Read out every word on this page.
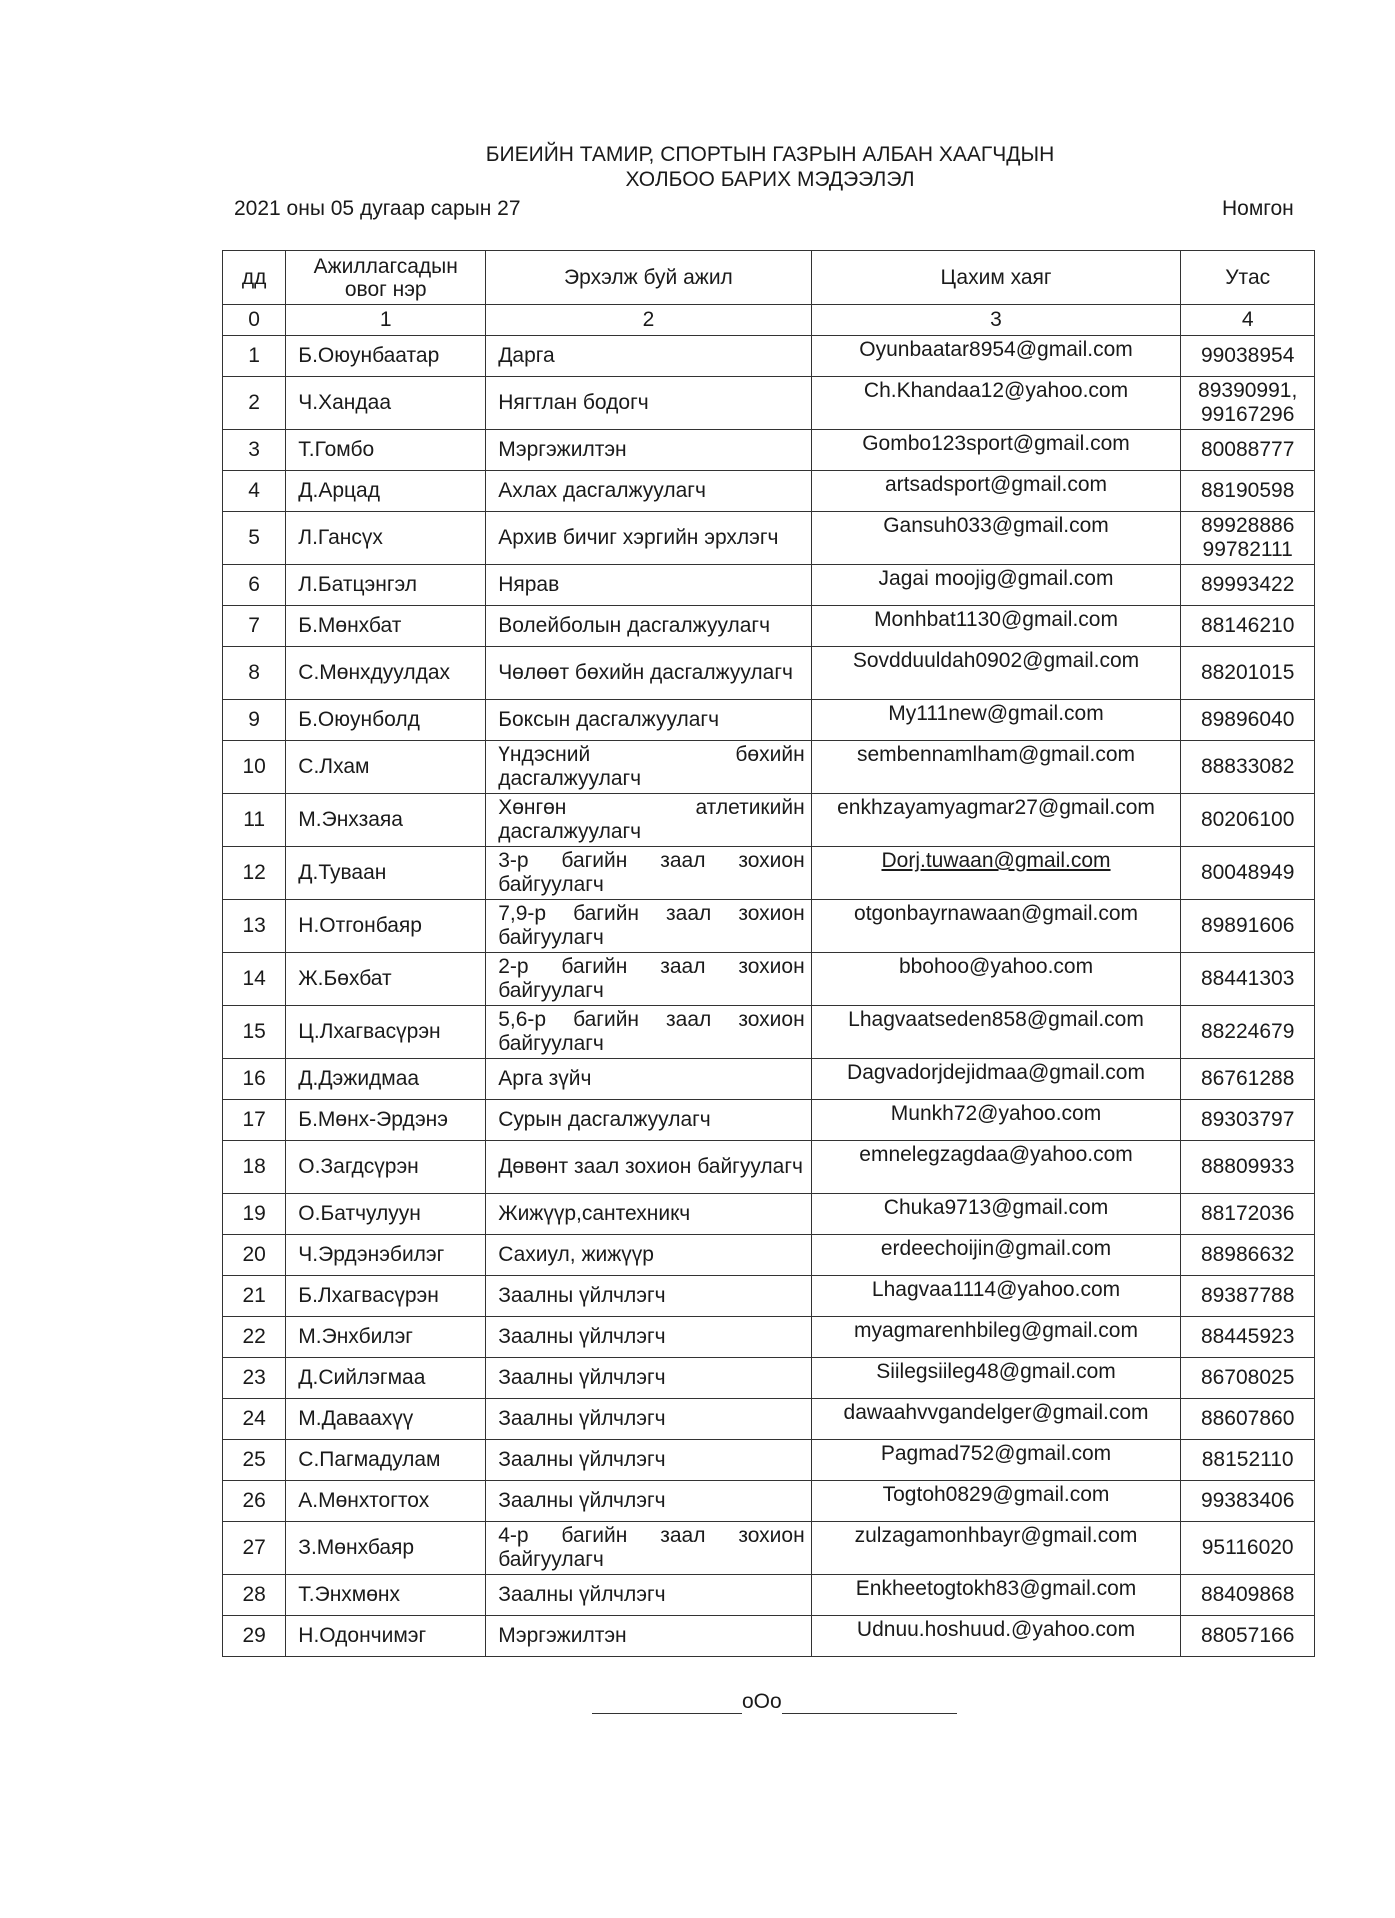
БИЕИЙН ТАМИР, СПОРТЫН ГАЗРЫН АЛБАН ХААГЧДЫН
ХОЛБОО БАРИХ МЭДЭЭЛЭЛ
2021 оны 05 дугаар сарын 27	Номгон
дд	Ажиллагсадын овог нэр	Эрхэлж буй ажил	Цахим хаяг	Утас
0	1	2	3	4
1	Б.Оюунбаатар	Дарга	Oyunbaatar8954@gmail.com	99038954
2	Ч.Хандаа	Нягтлан бодогч	Ch.Khandaa12@yahoo.com	89390991, 99167296
3	Т.Гомбо	Мэргэжилтэн	Gombo123sport@gmail.com	80088777
4	Д.Арцад	Ахлах дасгалжуулагч	artsadsport@gmail.com	88190598
5	Л.Гансүх	Архив бичиг хэргийн эрхлэгч	Gansuh033@gmail.com	89928886 99782111
6	Л.Батцэнгэл	Нярав	Jagai moojig@gmail.com	89993422
7	Б.Мөнхбат	Волейболын дасгалжуулагч	Monhbat1130@gmail.com	88146210
8	С.Мөнхдуулдах	Чөлөөт бөхийн дасгалжуулагч	Sovdduuldah0902@gmail.com	88201015
9	Б.Оюунболд	Боксын дасгалжуулагч	My111new@gmail.com	89896040
10	С.Лхам	Үндэсний бөхийн дасгалжуулагч	sembennamlham@gmail.com	88833082
11	М.Энхзаяа	Хөнгөн атлетикийн дасгалжуулагч	enkhzayamyagmar27@gmail.com	80206100
12	Д.Туваан	3-р багийн заал зохион байгуулагч	Dorj.tuwaan@gmail.com	80048949
13	Н.Отгонбаяр	7,9-р багийн заал зохион байгуулагч	otgonbayrnawaan@gmail.com	89891606
14	Ж.Бөхбат	2-р багийн заал зохион байгуулагч	bbohoo@yahoo.com	88441303
15	Ц.Лхагвасүрэн	5,6-р багийн заал зохион байгуулагч	Lhagvaatseden858@gmail.com	88224679
16	Д.Дэжидмаа	Арга зүйч	Dagvadorjdejidmaa@gmail.com	86761288
17	Б.Мөнх-Эрдэнэ	Сурын дасгалжуулагч	Munkh72@yahoo.com	89303797
18	О.Загдсүрэн	Дөвөнт заал зохион байгуулагч	emnelegzagdaa@yahoo.com	88809933
19	О.Батчулуун	Жижүүр,сантехникч	Chuka9713@gmail.com	88172036
20	Ч.Эрдэнэбилэг	Сахиул, жижүүр	erdeechoijin@gmail.com	88986632
21	Б.Лхагвасүрэн	Заалны үйлчлэгч	Lhagvaa1114@yahoo.com	89387788
22	М.Энхбилэг	Заалны үйлчлэгч	myagmarenhbileg@gmail.com	88445923
23	Д.Сийлэгмаа	Заалны үйлчлэгч	Siilegsiileg48@gmail.com	86708025
24	М.Даваахүү	Заалны үйлчлэгч	dawaahvvgandelger@gmail.com	88607860
25	С.Пагмадулам	Заалны үйлчлэгч	Pagmad752@gmail.com	88152110
26	А.Мөнхтогтох	Заалны үйлчлэгч	Togtoh0829@gmail.com	99383406
27	З.Мөнхбаяр	4-р багийн заал зохион байгуулагч	zulzagamonhbayr@gmail.com	95116020
28	Т.Энхмөнх	Заалны үйлчлэгч	Enkheetogtokh83@gmail.com	88409868
29	Н.Одончимэг	Мэргэжилтэн	Udnuu.hoshuud.@yahoo.com	88057166
oOo
